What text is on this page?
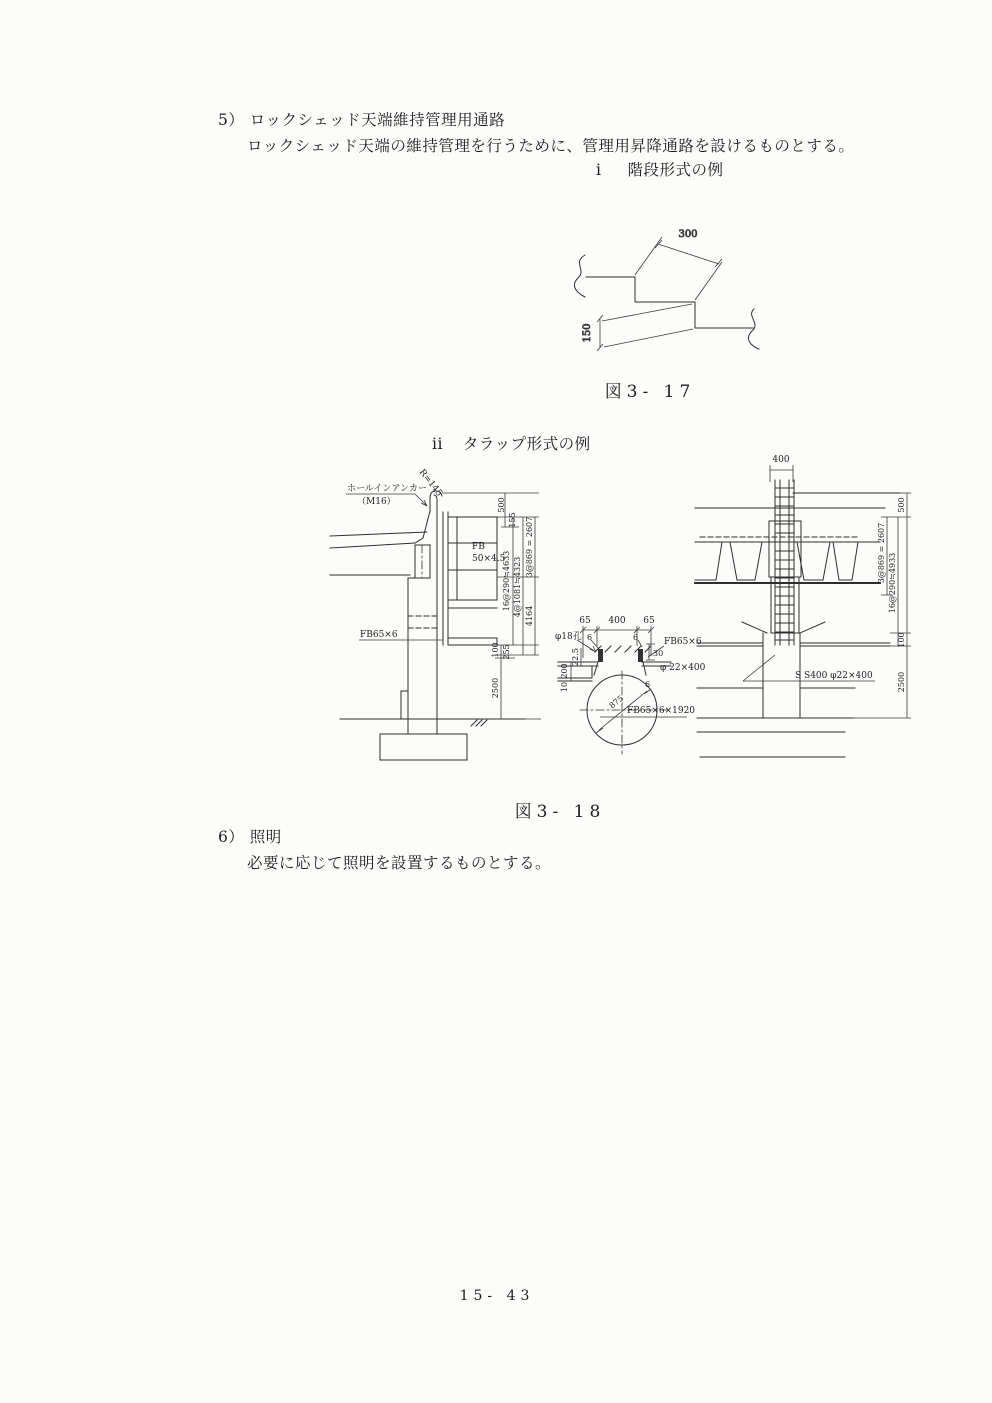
5） ロックシェッド天端維持管理用通路
ロックシェッド天端の維持管理を行うために、管理用昇降通路を設けるものとする。
i 階段形式の例
300
150
図3- 17
ii タラップ形式の例
ホールインアンカー
（M16）
R=145
FB
50×4.5
FB65×6
500
155 3@869 = 2607
16@290≒4633 4@1081≒4323 4164
100 255
2500
65 400 65
6	6
30
φ18孔	FB65×6
φ 22×400
200
10
22.5
875
6
FB65×6×1920
400
S S400 φ22×400
500
3@869 = 2607 16@290≒4933
100
2500
図3- 18
6） 照明
必要に応じて照明を設置するものとする。
15- 43
